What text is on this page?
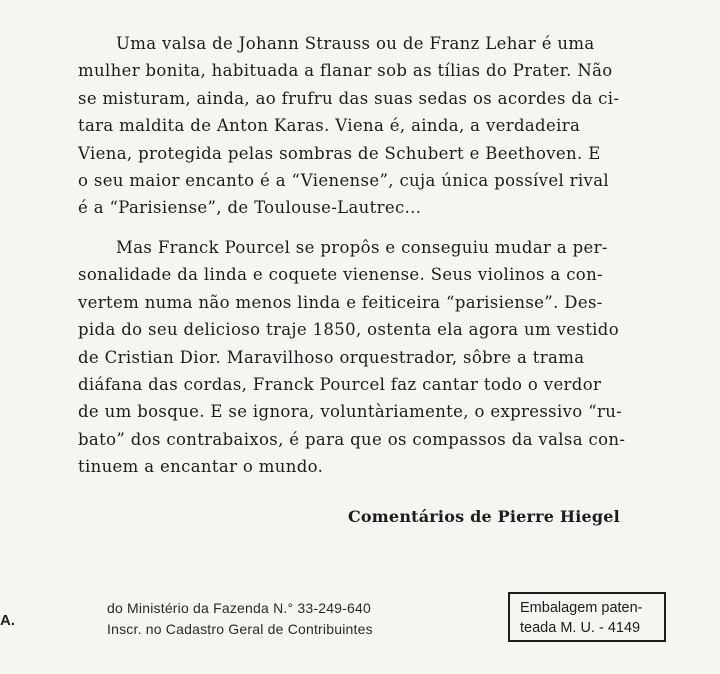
Uma valsa de Johann Strauss ou de Franz Lehar é uma
mulher bonita, habituada a flanar sob as tílias do Prater. Não
se misturam, ainda, ao frufru das suas sedas os acordes da ci-
tara maldita de Anton Karas. Viena é, ainda, a verdadeira
Viena, protegida pelas sombras de Schubert e Beethoven. E
o seu maior encanto é a “Vienense”, cuja única possível rival
é a “Parisiense”, de Toulouse-Lautrec...

Mas Franck Pourcel se propôs e conseguiu mudar a per-
sonalidade da linda e coquete vienense. Seus violinos a con-
vertem numa não menos linda e feiticeira “parisiense”. Des-
pida do seu delicioso traje 1850, ostenta ela agora um vestido
de Cristian Dior. Maravilhoso orquestrador, sôbre a trama
diáfana das cordas, Franck Pourcel faz cantar todo o verdor
de um bosque. E se ignora, voluntàriamente, o expressivo “ru-
bato” dos contrabaixos, é para que os compassos da valsa con-
tinuem a encantar o mundo.

Comentários de Pierre Hiegel
A.
do Ministério da Fazenda N.° 33-249-640
Inscr. no Cadastro Geral de Contribuintes
Embalagem paten-
teada M. U. - 4149
